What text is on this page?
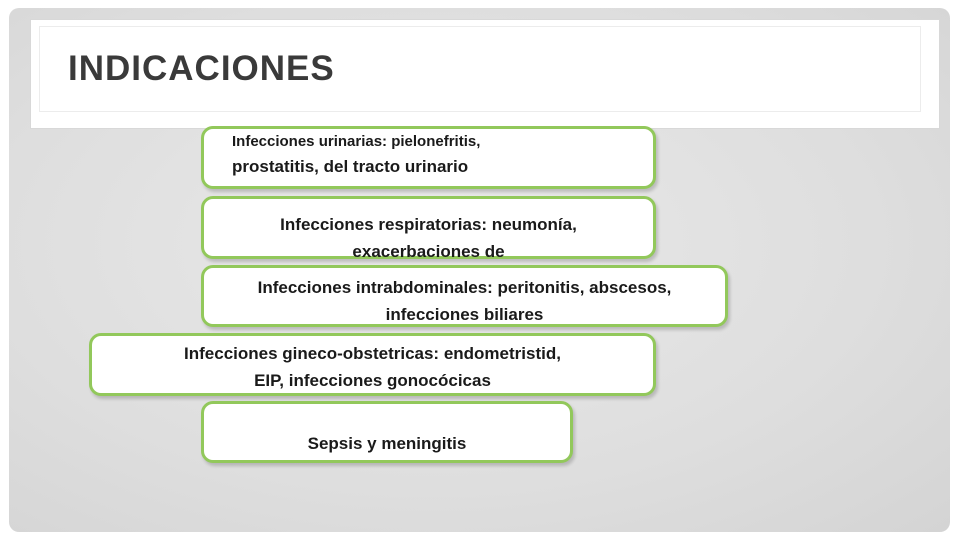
INDICACIONES
Infecciones urinarias: pielonefritis,
prostatitis, del tracto urinario
Infecciones respiratorias: neumonía,
exacerbaciones de
Infecciones intrabdominales: peritonitis, abscesos,
infecciones biliares
Infecciones gineco-obstetricas: endometristid,
EIP, infecciones gonocócicas
Sepsis y meningitis
